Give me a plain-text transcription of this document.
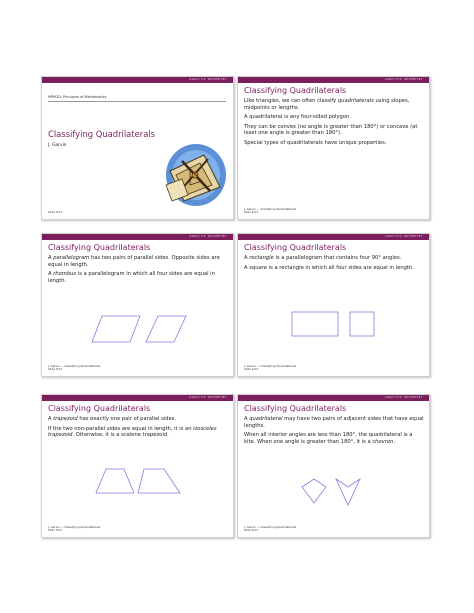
ANALYTIC GEOMETRY
MPM2D: Principles of Mathematics
Classifying Quadrilaterals
J. Garvin
Slide 1/13
ANALYTIC GEOMETRY
Classifying Quadrilaterals

Like triangles, we can often classify quadrilaterals using slopes, midpoints or lengths.

A quadrilateral is any four-sided polygon.

They can be convex (no angle is greater than 180°) or concave (at least one angle is greater than 180°).

Special types of quadrilaterals have unique properties.

J. Garvin — Classifying Quadrilaterals
Slide 2/13
ANALYTIC GEOMETRY
Classifying Quadrilaterals

A parallelogram has two pairs of parallel sides. Opposite sides are equal in length.

A rhombus is a parallelogram in which all four sides are equal in length.

J. Garvin — Classifying Quadrilaterals
Slide 3/13
ANALYTIC GEOMETRY
Classifying Quadrilaterals

A rectangle is a parallelogram that contains four 90° angles.

A square is a rectangle in which all four sides are equal in length.

J. Garvin — Classifying Quadrilaterals
Slide 4/13
ANALYTIC GEOMETRY
Classifying Quadrilaterals

A trapezoid has exactly one pair of parallel sides.

If the two non-parallel sides are equal in length, it is an isosceles trapezoid. Otherwise, it is a scalene trapezoid.

J. Garvin — Classifying Quadrilaterals
Slide 5/13
ANALYTIC GEOMETRY
Classifying Quadrilaterals

A quadrilateral may have two pairs of adjacent sides that have equal lengths.

When all interior angles are less than 180°, the quadrilateral is a kite. When one angle is greater than 180°, it is a chevron.

J. Garvin — Classifying Quadrilaterals
Slide 6/13
